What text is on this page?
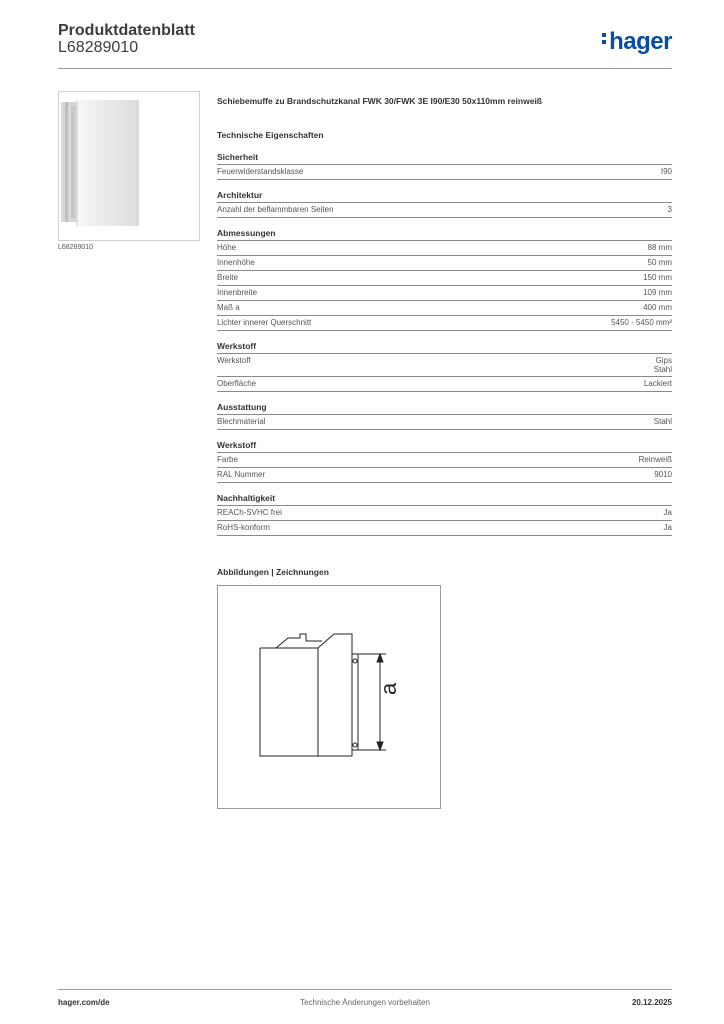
Produktdatenblatt
L68289010	hager
L68289010
Schiebemuffe zu Brandschutzkanal FWK 30/FWK 3E I90/E30 50x110mm reinweiß
Technische Eigenschaften
Sicherheit
Feuerwiderstandsklasse	I90
Architektur
Anzahl der beflammbaren Seiten	3
Abmessungen
Höhe	88 mm
Innenhöhe	50 mm
Breite	150 mm
Innenbreite	109 mm
Maß a	400 mm
Lichter innerer Querschnitt	5450 - 5450 mm²
Werkstoff
Werkstoff	Gips
Stahl
Oberfläche	Lackiert
Ausstattung
Blechmaterial	Stahl
Werkstoff
Farbe	Reinweiß
RAL Nummer	9010
Nachhaltigkeit
REACh-SVHC frei	Ja
RoHS-konform	Ja
Abbildungen | Zeichnungen
a
hager.com/de	Technische Änderungen vorbehalten	20.12.2025
